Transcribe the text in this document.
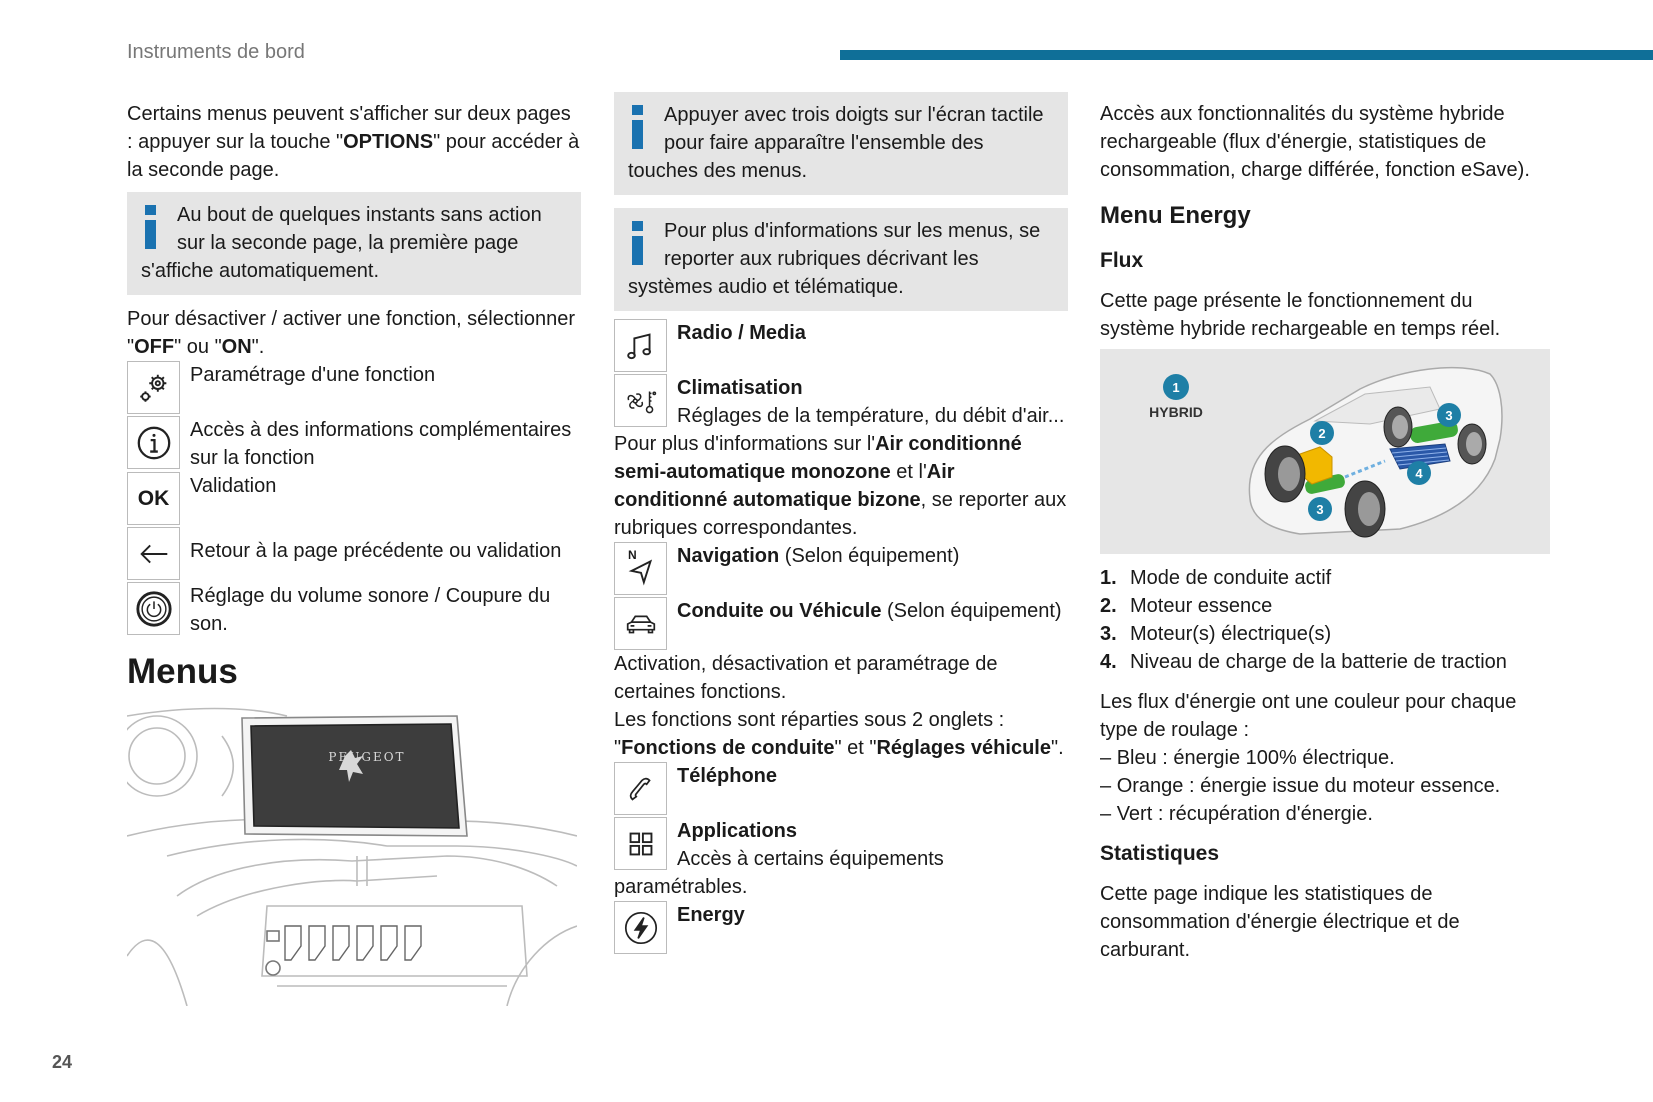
Instruments de bord
24

Certains menus peuvent s'afficher sur deux pages : appuyer sur la touche "OPTIONS" pour accéder à la seconde page.

Au bout de quelques instants sans action sur la seconde page, la première page s'affiche automatiquement.

Pour désactiver / activer une fonction, sélectionner "OFF" ou "ON".

Paramétrage d'une fonction
Accès à des informations complémentaires sur la fonction
OK
Validation
Retour à la page précédente ou validation
Réglage du volume sonore / Coupure du son.
Menus
PEUGEOT
Appuyer avec trois doigts sur l'écran tactile pour faire apparaître l'ensemble des touches des menus.
Pour plus d'informations sur les menus, se reporter aux rubriques décrivant les systèmes audio et télématique.
Radio / Media
Climatisation
Réglages de la température, du débit d'air...

Pour plus d'informations sur l'Air conditionné semi-automatique monozone et l'Air conditionné automatique bizone, se reporter aux rubriques correspondantes.

N Navigation (Selon équipement)
Conduite ou Véhicule (Selon équipement)

Activation, désactivation et paramétrage de certaines fonctions.

Les fonctions sont réparties sous 2 onglets : "Fonctions de conduite" et "Réglages véhicule".

Téléphone
Applications
Accès à certains équipements paramétrables.
Energy

Accès aux fonctionnalités du système hybride rechargeable (flux d'énergie, statistiques de consommation, charge différée, fonction eSave).

Menu Energy
Flux

Cette page présente le fonctionnement du système hybride rechargeable en temps réel.

1
2
3
4
3
HYBRID
1. Mode de conduite actif
2. Moteur essence
3. Moteur(s) électrique(s)
4. Niveau de charge de la batterie de traction

Les flux d'énergie ont une couleur pour chaque type de roulage :

– Bleu : énergie 100% électrique.
– Orange : énergie issue du moteur essence.
– Vert : récupération d'énergie.
Statistiques

Cette page indique les statistiques de consommation d'énergie électrique et de carburant.
